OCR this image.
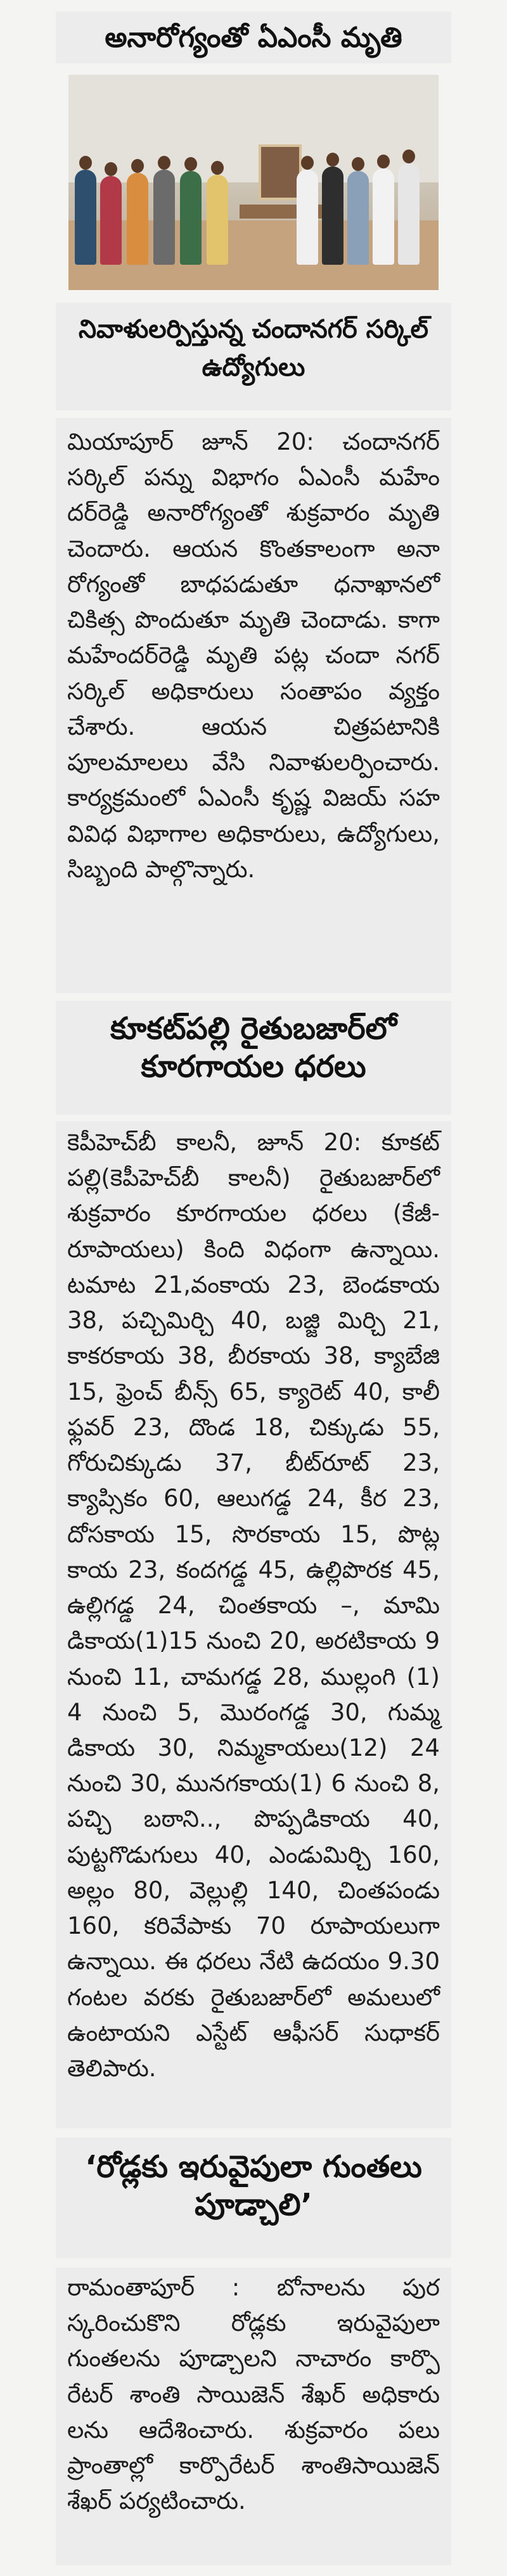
అనారోగ్యంతో ఏఎంసీ మృతి
నివాళులర్పిస్తున్న చందానగర్ సర్కిల్ ఉద్యోగులు
మియాపూర్ జూన్ 20: చందానగర్ సర్కిల్ పన్ను విభాగం ఏఎంసీ మహేం దర్‌రెడ్డి అనారోగ్యంతో శుక్రవారం మృతి చెందారు. ఆయన కొంతకాలంగా అనా రోగ్యంతో బాధపడుతూ ధనాఖానలో చికిత్స పొందుతూ మృతి చెందాడు. కాగా మహేందర్‌రెడ్డి మృతి పట్ల చందా నగర్ సర్కిల్ అధికారులు సంతాపం వ్యక్తం చేశారు. ఆయన చిత్రపటానికి పూలమాలలు వేసి నివాళులర్పించారు. కార్యక్రమంలో ఏఎంసీ కృష్ణ విజయ్ సహ వివిధ విభాగాల అధికారులు, ఉద్యోగులు, సిబ్బంది పాల్గొన్నారు.
కూకట్‌పల్లి రైతుబజార్‌లో కూరగాయల ధరలు
కెపీహెచ్‌బీ కాలనీ, జూన్ 20: కూకట్ పల్లి(కెపీహెచ్‌బీ కాలనీ) రైతుబజార్‌లో శుక్రవారం కూరగాయల ధరలు (కేజీ-రూపాయలు) కింది విధంగా ఉన్నాయి. టమాట 21,వంకాయ 23, బెండకాయ 38, పచ్చిమిర్చి 40, బజ్జి మిర్చి 21, కాకరకాయ 38, బీరకాయ 38, క్యాబేజి 15, ఫ్రెంచ్ బీన్స్ 65, క్యారెట్ 40, కాలీ ఫ్లవర్ 23, దొండ 18, చిక్కుడు 55, గోరుచిక్కుడు 37, బీట్‌రూట్ 23, క్యాప్సికం 60, ఆలుగడ్డ 24, కీర 23, దోసకాయ 15, సొరకాయ 15, పొట్ల కాయ 23, కందగడ్డ 45, ఉల్లిపొరక 45, ఉల్లిగడ్డ 24, చింతకాయ –, మామి డికాయ(1)15 నుంచి 20, అరటికాయ 9 నుంచి 11, చామగడ్డ 28, ముల్లంగి (1) 4 నుంచి 5, మొరంగడ్డ 30, గుమ్మ డికాయ 30, నిమ్మకాయలు(12) 24 నుంచి 30, మునగకాయ(1) 6 నుంచి 8, పచ్చి బఠాని.., పొప్పడికాయ 40, పుట్టగొడుగులు 40, ఎండుమిర్చి 160, అల్లం 80, వెల్లుల్లి 140, చింతపండు 160, కరివేపాకు 70 రూపాయలుగా ఉన్నాయి. ఈ ధరలు నేటి ఉదయం 9.30 గంటల వరకు రైతుబజార్‌లో అమలులో ఉంటాయని ఎస్టేట్ ఆఫీసర్ సుధాకర్ తెలిపారు.
‘రోడ్లకు ఇరువైపులా గుంతలు పూడ్చాలి’
రామంతాపూర్ : బోనాలను పుర స్కరించుకొని రోడ్లకు ఇరువైపులా గుంతలను పూడ్చాలని నాచారం కార్పొ రేటర్ శాంతి సాయిజెన్ శేఖర్ అధికారు లను ఆదేశించారు. శుక్రవారం పలు ప్రాంతాల్లో కార్పొరేటర్ శాంతిసాయిజెన్ శేఖర్ పర్యటించారు.
